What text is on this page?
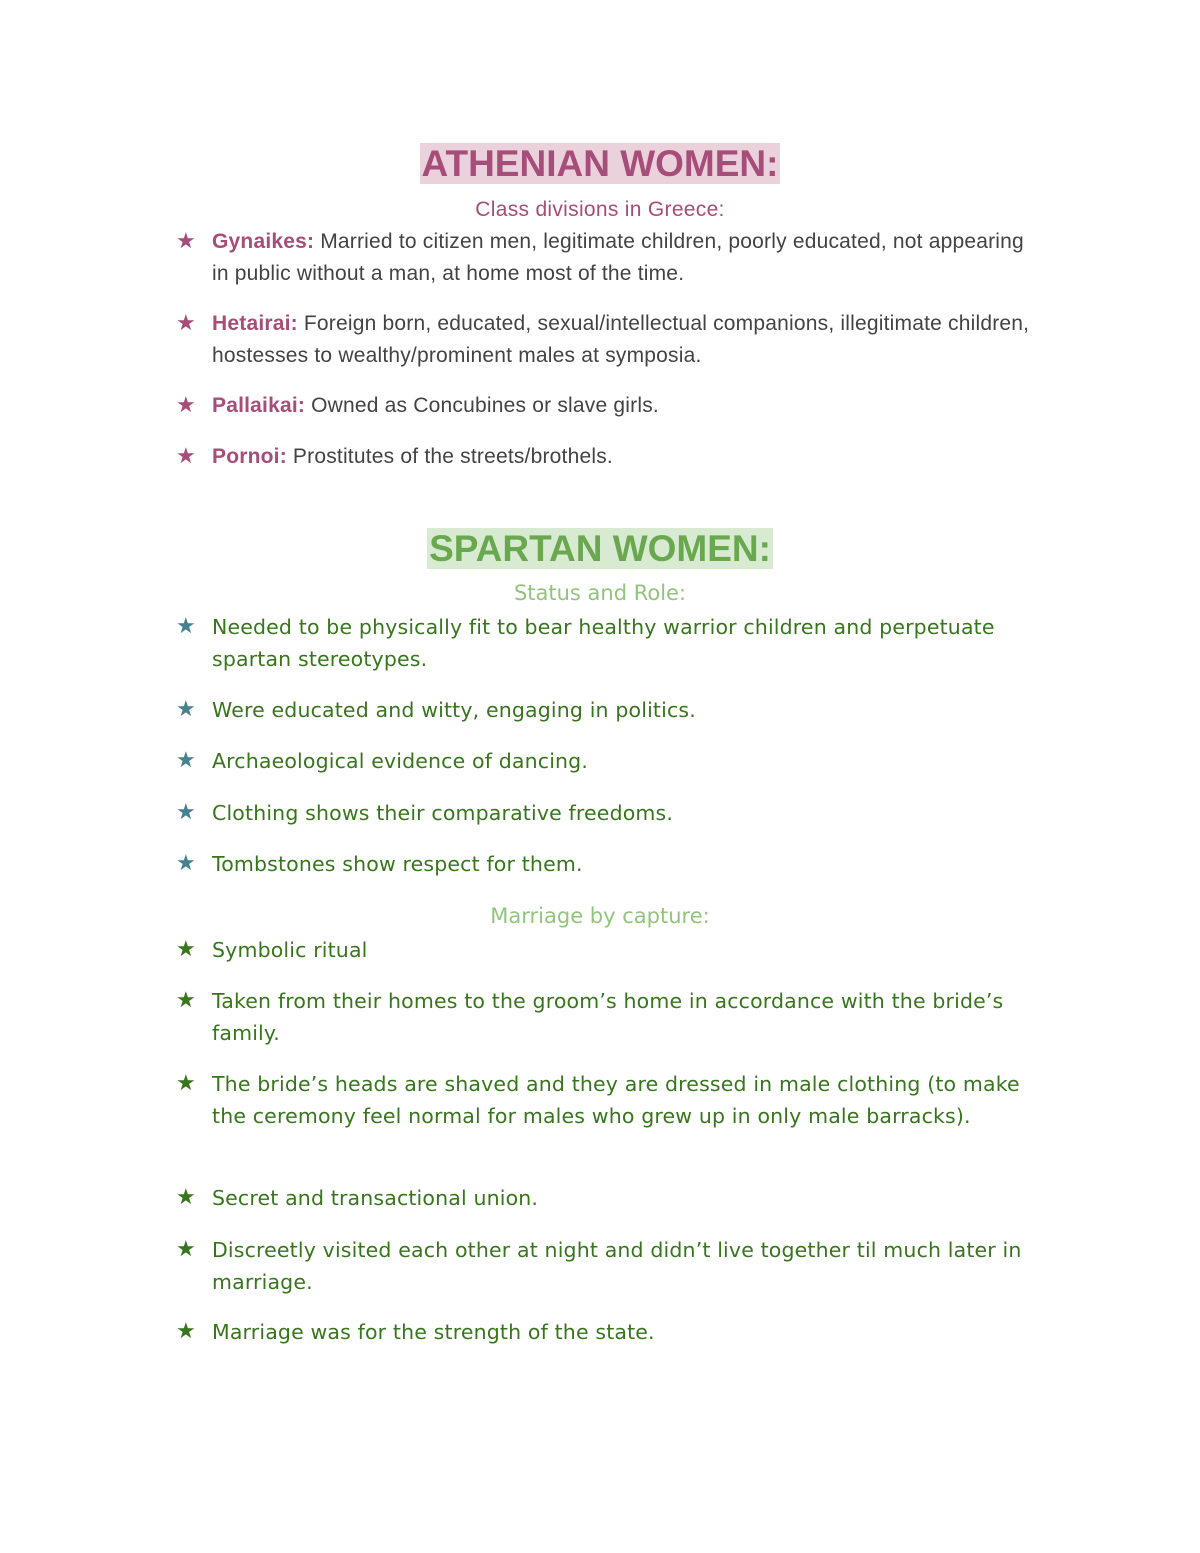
ATHENIAN WOMEN:
Class divisions in Greece:
★ Gynaikes: Married to citizen men, legitimate children, poorly educated, not appearing in public without a man, at home most of the time.
★ Hetairai: Foreign born, educated, sexual/intellectual companions, illegitimate children, hostesses to wealthy/prominent males at symposia.
★ Pallaikai: Owned as Concubines or slave girls.
★ Pornoi: Prostitutes of the streets/brothels.
SPARTAN WOMEN:
Status and Role:
★ Needed to be physically fit to bear healthy warrior children and perpetuate spartan stereotypes.
★ Were educated and witty, engaging in politics.
★ Archaeological evidence of dancing.
★ Clothing shows their comparative freedoms.
★ Tombstones show respect for them.
Marriage by capture:
★ Symbolic ritual
★ Taken from their homes to the groom’s home in accordance with the bride’s family.
★ The bride’s heads are shaved and they are dressed in male clothing (to make the ceremony feel normal for males who grew up in only male barracks).
★ Secret and transactional union.
★ Discreetly visited each other at night and didn’t live together til much later in marriage.
★ Marriage was for the strength of the state.
